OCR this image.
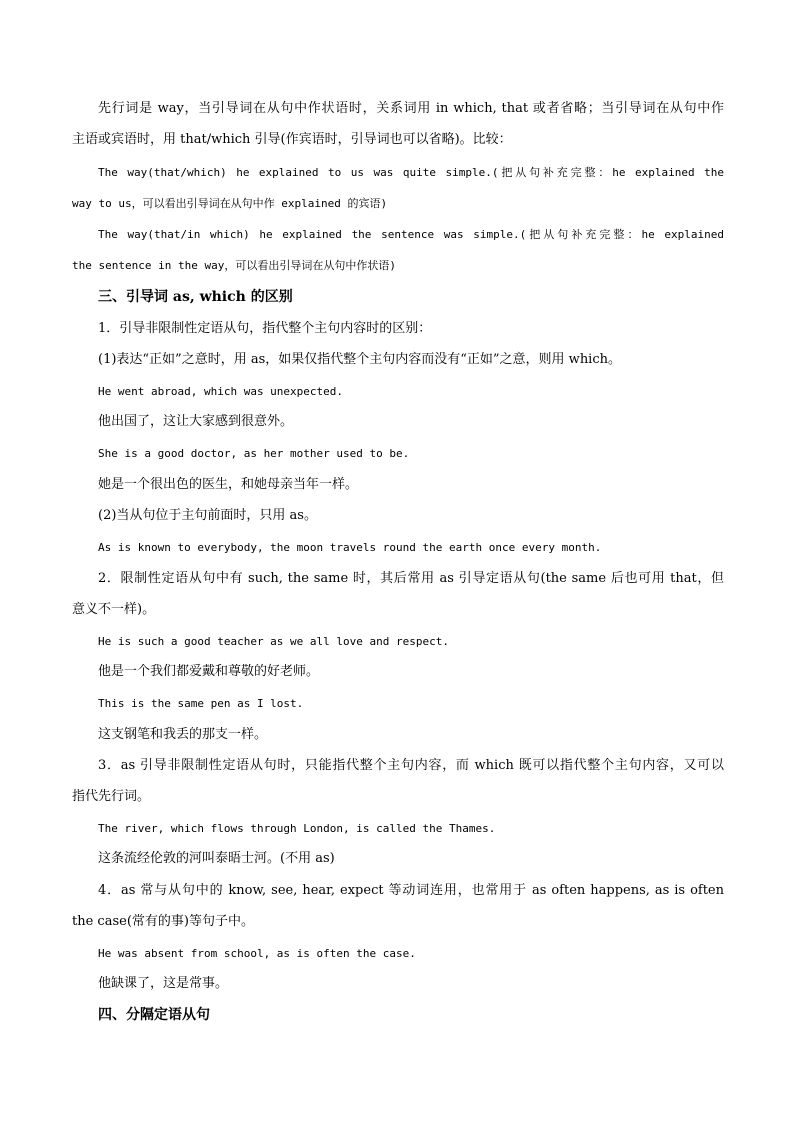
先行词是 way，当引导词在从句中作状语时，关系词用 in which, that 或者省略；当引导词在从句中作
主语或宾语时，用 that/which 引导(作宾语时，引导词也可以省略)。比较：
The way(that/which) he explained to us was quite simple.(把从句补充完整：he explained the
way to us，可以看出引导词在从句中作 explained 的宾语)
The way(that/in which) he explained the sentence was simple.(把从句补充完整：he explained
the sentence in the way，可以看出引导词在从句中作状语)
三、引导词 as, which 的区别
1．引导非限制性定语从句，指代整个主句内容时的区别：
(1)表达“正如”之意时，用 as，如果仅指代整个主句内容而没有“正如”之意，则用 which。
He went abroad, which was unexpected.
他出国了，这让大家感到很意外。
She is a good doctor, as her mother used to be.
她是一个很出色的医生，和她母亲当年一样。
(2)当从句位于主句前面时，只用 as。
As is known to everybody, the moon travels round the earth once every month.
2．限制性定语从句中有 such, the same 时，其后常用 as 引导定语从句(the same 后也可用 that，但
意义不一样)。
He is such a good teacher as we all love and respect.
他是一个我们都爱戴和尊敬的好老师。
This is the same pen as I lost.
这支钢笔和我丢的那支一样。
3．as 引导非限制性定语从句时，只能指代整个主句内容，而 which 既可以指代整个主句内容，又可以
指代先行词。
The river, which flows through London, is called the Thames.
这条流经伦敦的河叫泰晤士河。(不用 as)
4．as 常与从句中的 know, see, hear, expect 等动词连用，也常用于 as often happens, as is often
the case(常有的事)等句子中。
He was absent from school, as is often the case.
他缺课了，这是常事。
四、分隔定语从句
